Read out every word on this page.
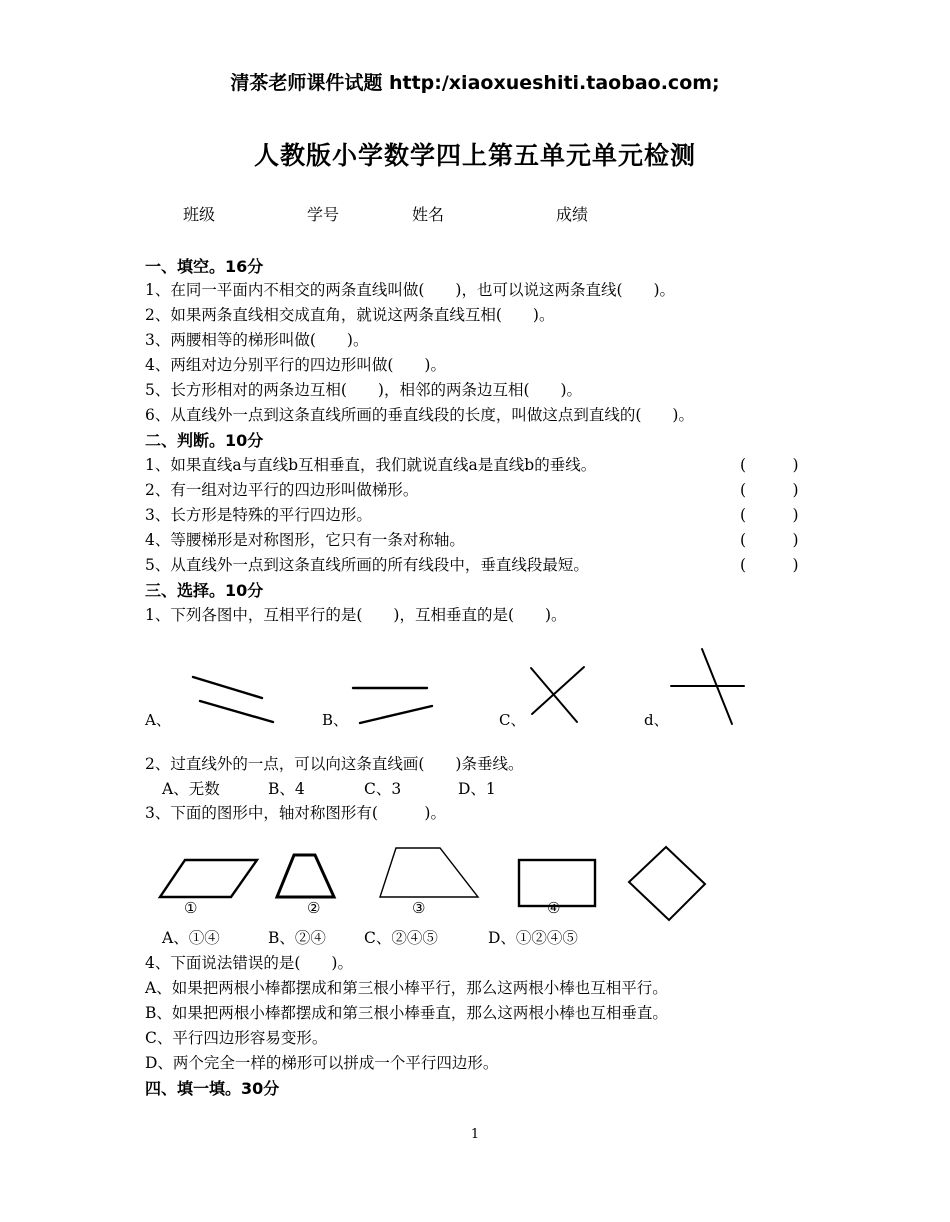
清茶老师课件试题 http:/xiaoxueshiti.taobao.com;
人教版小学数学四上第五单元单元检测
班级	学号	姓名	成绩
一、填空。16分
1、在同一平面内不相交的两条直线叫做(　　)，也可以说这两条直线(　　)。
2、如果两条直线相交成直角，就说这两条直线互相(　　)。
3、两腰相等的梯形叫做(　　)。
4、两组对边分别平行的四边形叫做(　　)。
5、长方形相对的两条边互相(　　)，相邻的两条边互相(　　)。
6、从直线外一点到这条直线所画的垂直线段的长度，叫做这点到直线的(　　)。
二、判断。10分
1、如果直线a与直线b互相垂直，我们就说直线a是直线b的垂线。	(　　　)
2、有一组对边平行的四边形叫做梯形。	(　　　)
3、长方形是特殊的平行四边形。	(　　　)
4、等腰梯形是对称图形，它只有一条对称轴。	(　　　)
5、从直线外一点到这条直线所画的所有线段中，垂直线段最短。	(　　　)
三、选择。10分
1、下列各图中，互相平行的是(　　)，互相垂直的是(　　)。
A、	B、	C、	d、
2、过直线外的一点，可以向这条直线画(　　)条垂线。
A、无数	B、4	C、3	D、1
3、下面的图形中，轴对称图形有(　　　)。
①	②	③	④
A、①④	B、②④ C、②④⑤	D、①②④⑤
4、下面说法错误的是(　　)。
A、如果把两根小棒都摆成和第三根小棒平行，那么这两根小棒也互相平行。
B、如果把两根小棒都摆成和第三根小棒垂直，那么这两根小棒也互相垂直。
C、平行四边形容易变形。
D、两个完全一样的梯形可以拼成一个平行四边形。
四、填一填。30分
1
